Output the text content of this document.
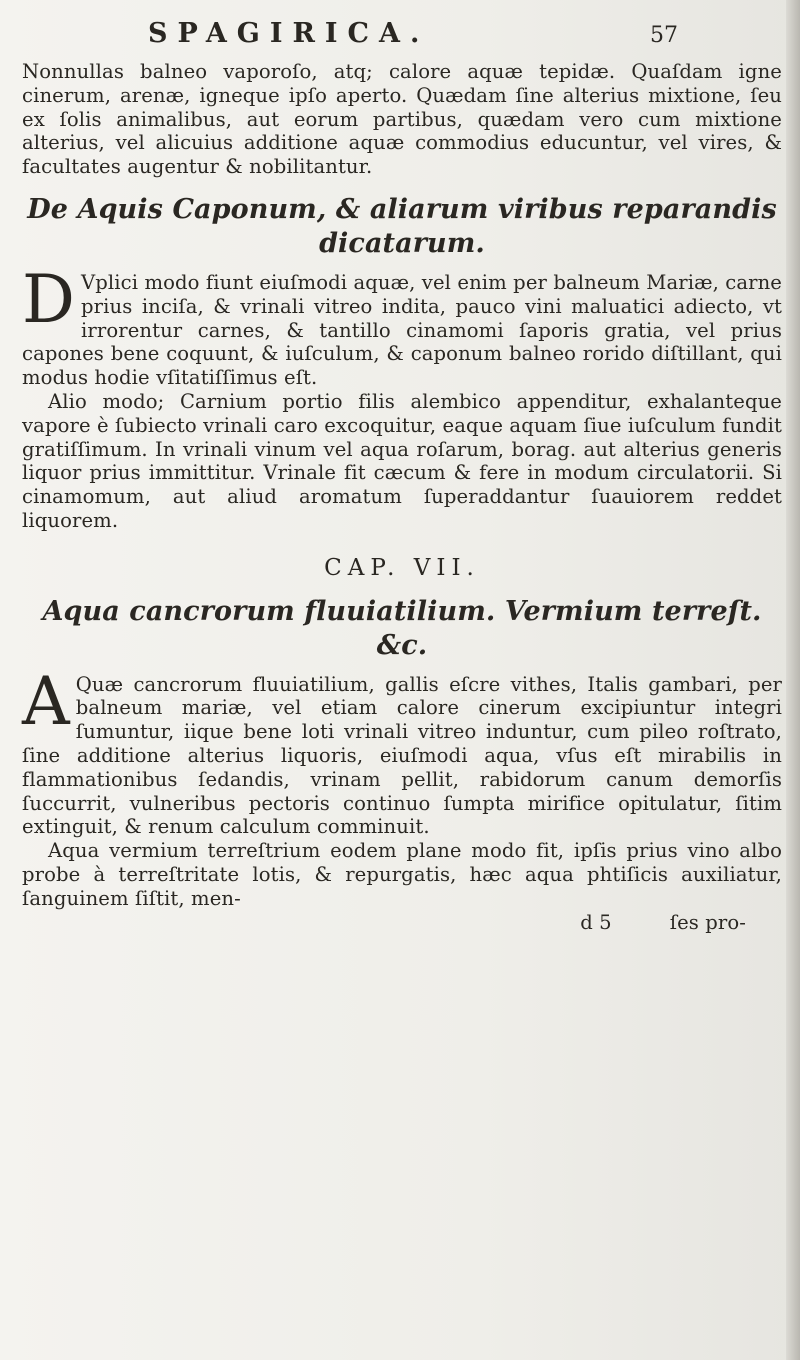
SPAGIRICA.	57

Nonnullas balneo vaporoſo, atq; calore aquæ tepidæ. Quaſdam igne cinerum, arenæ, igneque ipſo aperto. Quædam ſine alterius mixtione, ſeu ex ſolis animalibus, aut eorum partibus, quædam vero cum mixtione alterius, vel alicuius additione aquæ commodius educuntur, vel vires, & facultates augentur & nobilitantur.

De Aquis Caponum, & aliarum viribus reparandis dicatarum.

D Vplici modo fiunt eiuſmodi aquæ, vel enim per balneum Mariæ, carne prius inciſa, & vrinali vitreo indita, pauco vini maluatici adiecto, vt irrorentur carnes, & tantillo cinamomi ſaporis gratia, vel prius capones bene coquunt, & iuſculum, & caponum balneo rorido diſtillant, qui modus hodie vſitatiſſimus eſt.

Alio modo; Carnium portio filis alembico appenditur, exhalanteque vapore è ſubiecto vrinali caro excoquitur, eaque aquam ſiue iuſculum fundit gratiſſimum. In vrinali vinum vel aqua roſarum, borag. aut alterius generis liquor prius immittitur. Vrinale fit cæcum & fere in modum circulatorii. Si cinamomum, aut aliud aromatum ſuperaddantur ſuauiorem reddet liquorem.

CAP. VII.
Aqua cancrorum fluuiatilium. Vermium terreſt. &c.

A Quæ cancrorum fluuiatilium, gallis eſcre vithes, Italis gambari, per balneum mariæ, vel etiam calore cinerum excipiuntur integri ſumuntur, iique bene loti vrinali vitreo induntur, cum pileo roſtrato, ſine additione alterius liquoris, eiuſmodi aqua, vſus eſt mirabilis in flammationibus ſedandis, vrinam pellit, rabidorum canum demorſis ſuccurrit, vulneribus pectoris continuo ſumpta mirifice opitulatur, ſitim extinguit, & renum calculum comminuit.

Aqua vermium terreſtrium eodem plane modo fit, ipſis prius vino albo probe à terreſtritate lotis, & repurgatis, hæc aqua phtiſicis auxiliatur, ſanguinem ſiſtit, men-

d 5	ſes pro-
